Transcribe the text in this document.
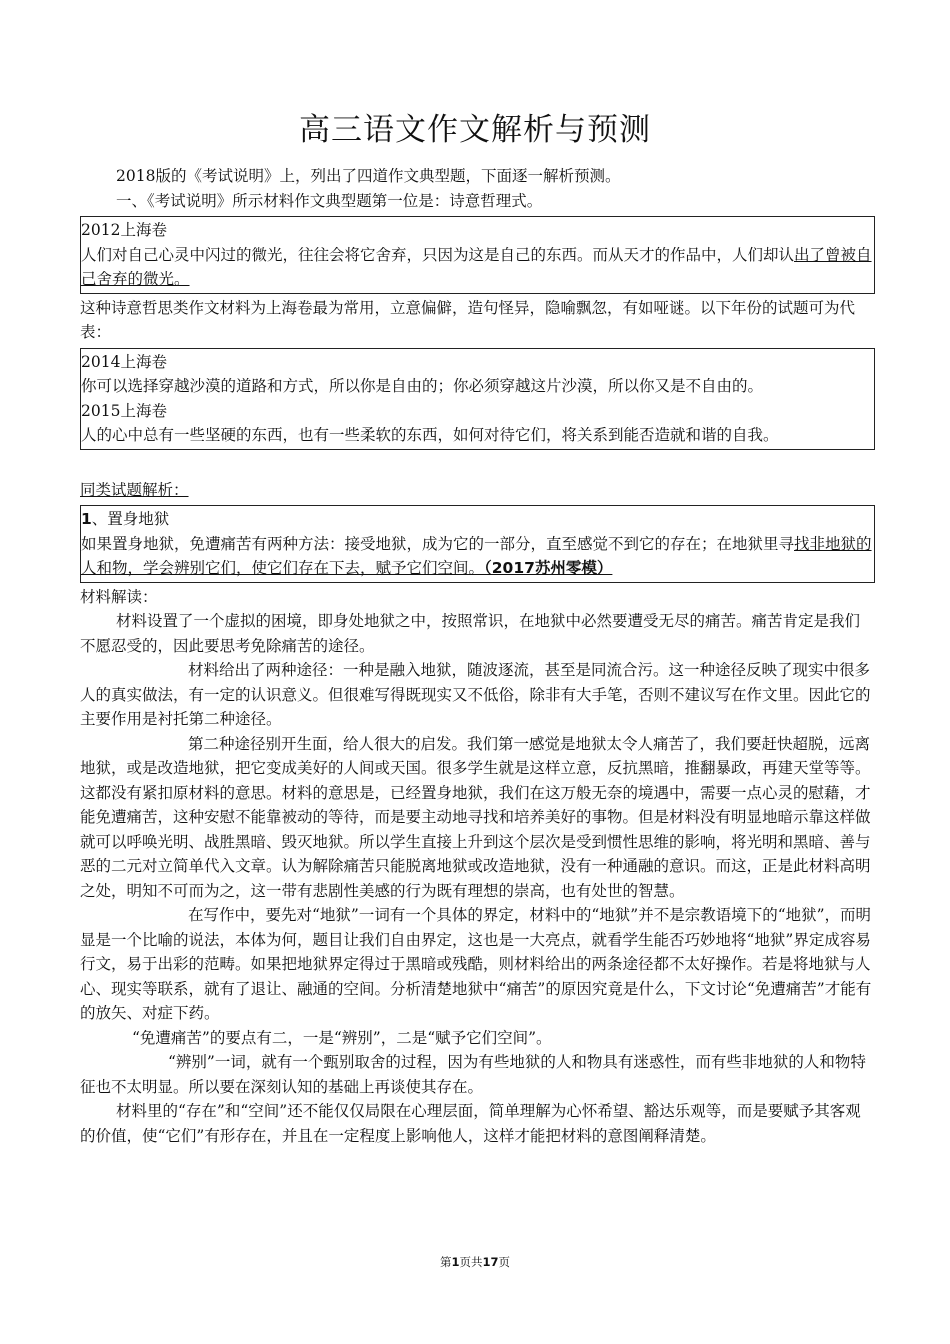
高三语文作文解析与预测

2018版的《考试说明》上，列出了四道作文典型题，下面逐一解析预测。

一、《考试说明》所示材料作文典型题第一位是：诗意哲理式。

2012上海卷

人们对自己心灵中闪过的微光，往往会将它舍弃，只因为这是自己的东西。而从天才的作品中，人们却认出了曾被自己舍弃的微光。

这种诗意哲思类作文材料为上海卷最为常用，立意偏僻，造句怪异，隐喻飘忽，有如哑谜。以下年份的试题可为代表：

2014上海卷

你可以选择穿越沙漠的道路和方式，所以你是自由的；你必须穿越这片沙漠，所以你又是不自由的。

2015上海卷

人的心中总有一些坚硬的东西，也有一些柔软的东西，如何对待它们，将关系到能否造就和谐的自我。

同类试题解析：

1、置身地狱

如果置身地狱，免遭痛苦有两种方法：接受地狱，成为它的一部分，直至感觉不到它的存在；在地狱里寻找非地狱的人和物，学会辨别它们，使它们存在下去，赋予它们空间。（2017苏州零模）

材料解读：

材料设置了一个虚拟的困境，即身处地狱之中，按照常识，在地狱中必然要遭受无尽的痛苦。痛苦肯定是我们不愿忍受的，因此要思考免除痛苦的途径。

材料给出了两种途径：一种是融入地狱，随波逐流，甚至是同流合污。这一种途径反映了现实中很多人的真实做法，有一定的认识意义。但很难写得既现实又不低俗，除非有大手笔，否则不建议写在作文里。因此它的主要作用是衬托第二种途径。

第二种途径别开生面，给人很大的启发。我们第一感觉是地狱太令人痛苦了，我们要赶快超脱，远离地狱，或是改造地狱，把它变成美好的人间或天国。很多学生就是这样立意，反抗黑暗，推翻暴政，再建天堂等等。这都没有紧扣原材料的意思。材料的意思是，已经置身地狱，我们在这万般无奈的境遇中，需要一点心灵的慰藉，才能免遭痛苦，这种安慰不能靠被动的等待，而是要主动地寻找和培养美好的事物。但是材料没有明显地暗示靠这样做就可以呼唤光明、战胜黑暗、毁灭地狱。所以学生直接上升到这个层次是受到惯性思维的影响，将光明和黑暗、善与恶的二元对立简单代入文章。认为解除痛苦只能脱离地狱或改造地狱，没有一种通融的意识。而这，正是此材料高明之处，明知不可而为之，这一带有悲剧性美感的行为既有理想的崇高，也有处世的智慧。

在写作中，要先对“地狱”一词有一个具体的界定，材料中的“地狱”并不是宗教语境下的“地狱”，而明显是一个比喻的说法，本体为何，题目让我们自由界定，这也是一大亮点，就看学生能否巧妙地将“地狱”界定成容易行文，易于出彩的范畴。如果把地狱界定得过于黑暗或残酷，则材料给出的两条途径都不太好操作。若是将地狱与人心、现实等联系，就有了退让、融通的空间。分析清楚地狱中“痛苦”的原因究竟是什么，下文讨论“免遭痛苦”才能有的放矢、对症下药。

“免遭痛苦”的要点有二，一是“辨别”，二是“赋予它们空间”。

“辨别”一词，就有一个甄别取舍的过程，因为有些地狱的人和物具有迷惑性，而有些非地狱的人和物特征也不太明显。所以要在深刻认知的基础上再谈使其存在。

材料里的“存在”和“空间”还不能仅仅局限在心理层面，简单理解为心怀希望、豁达乐观等，而是要赋予其客观的价值，使“它们”有形存在，并且在一定程度上影响他人，这样才能把材料的意图阐释清楚。

第1页共17页
